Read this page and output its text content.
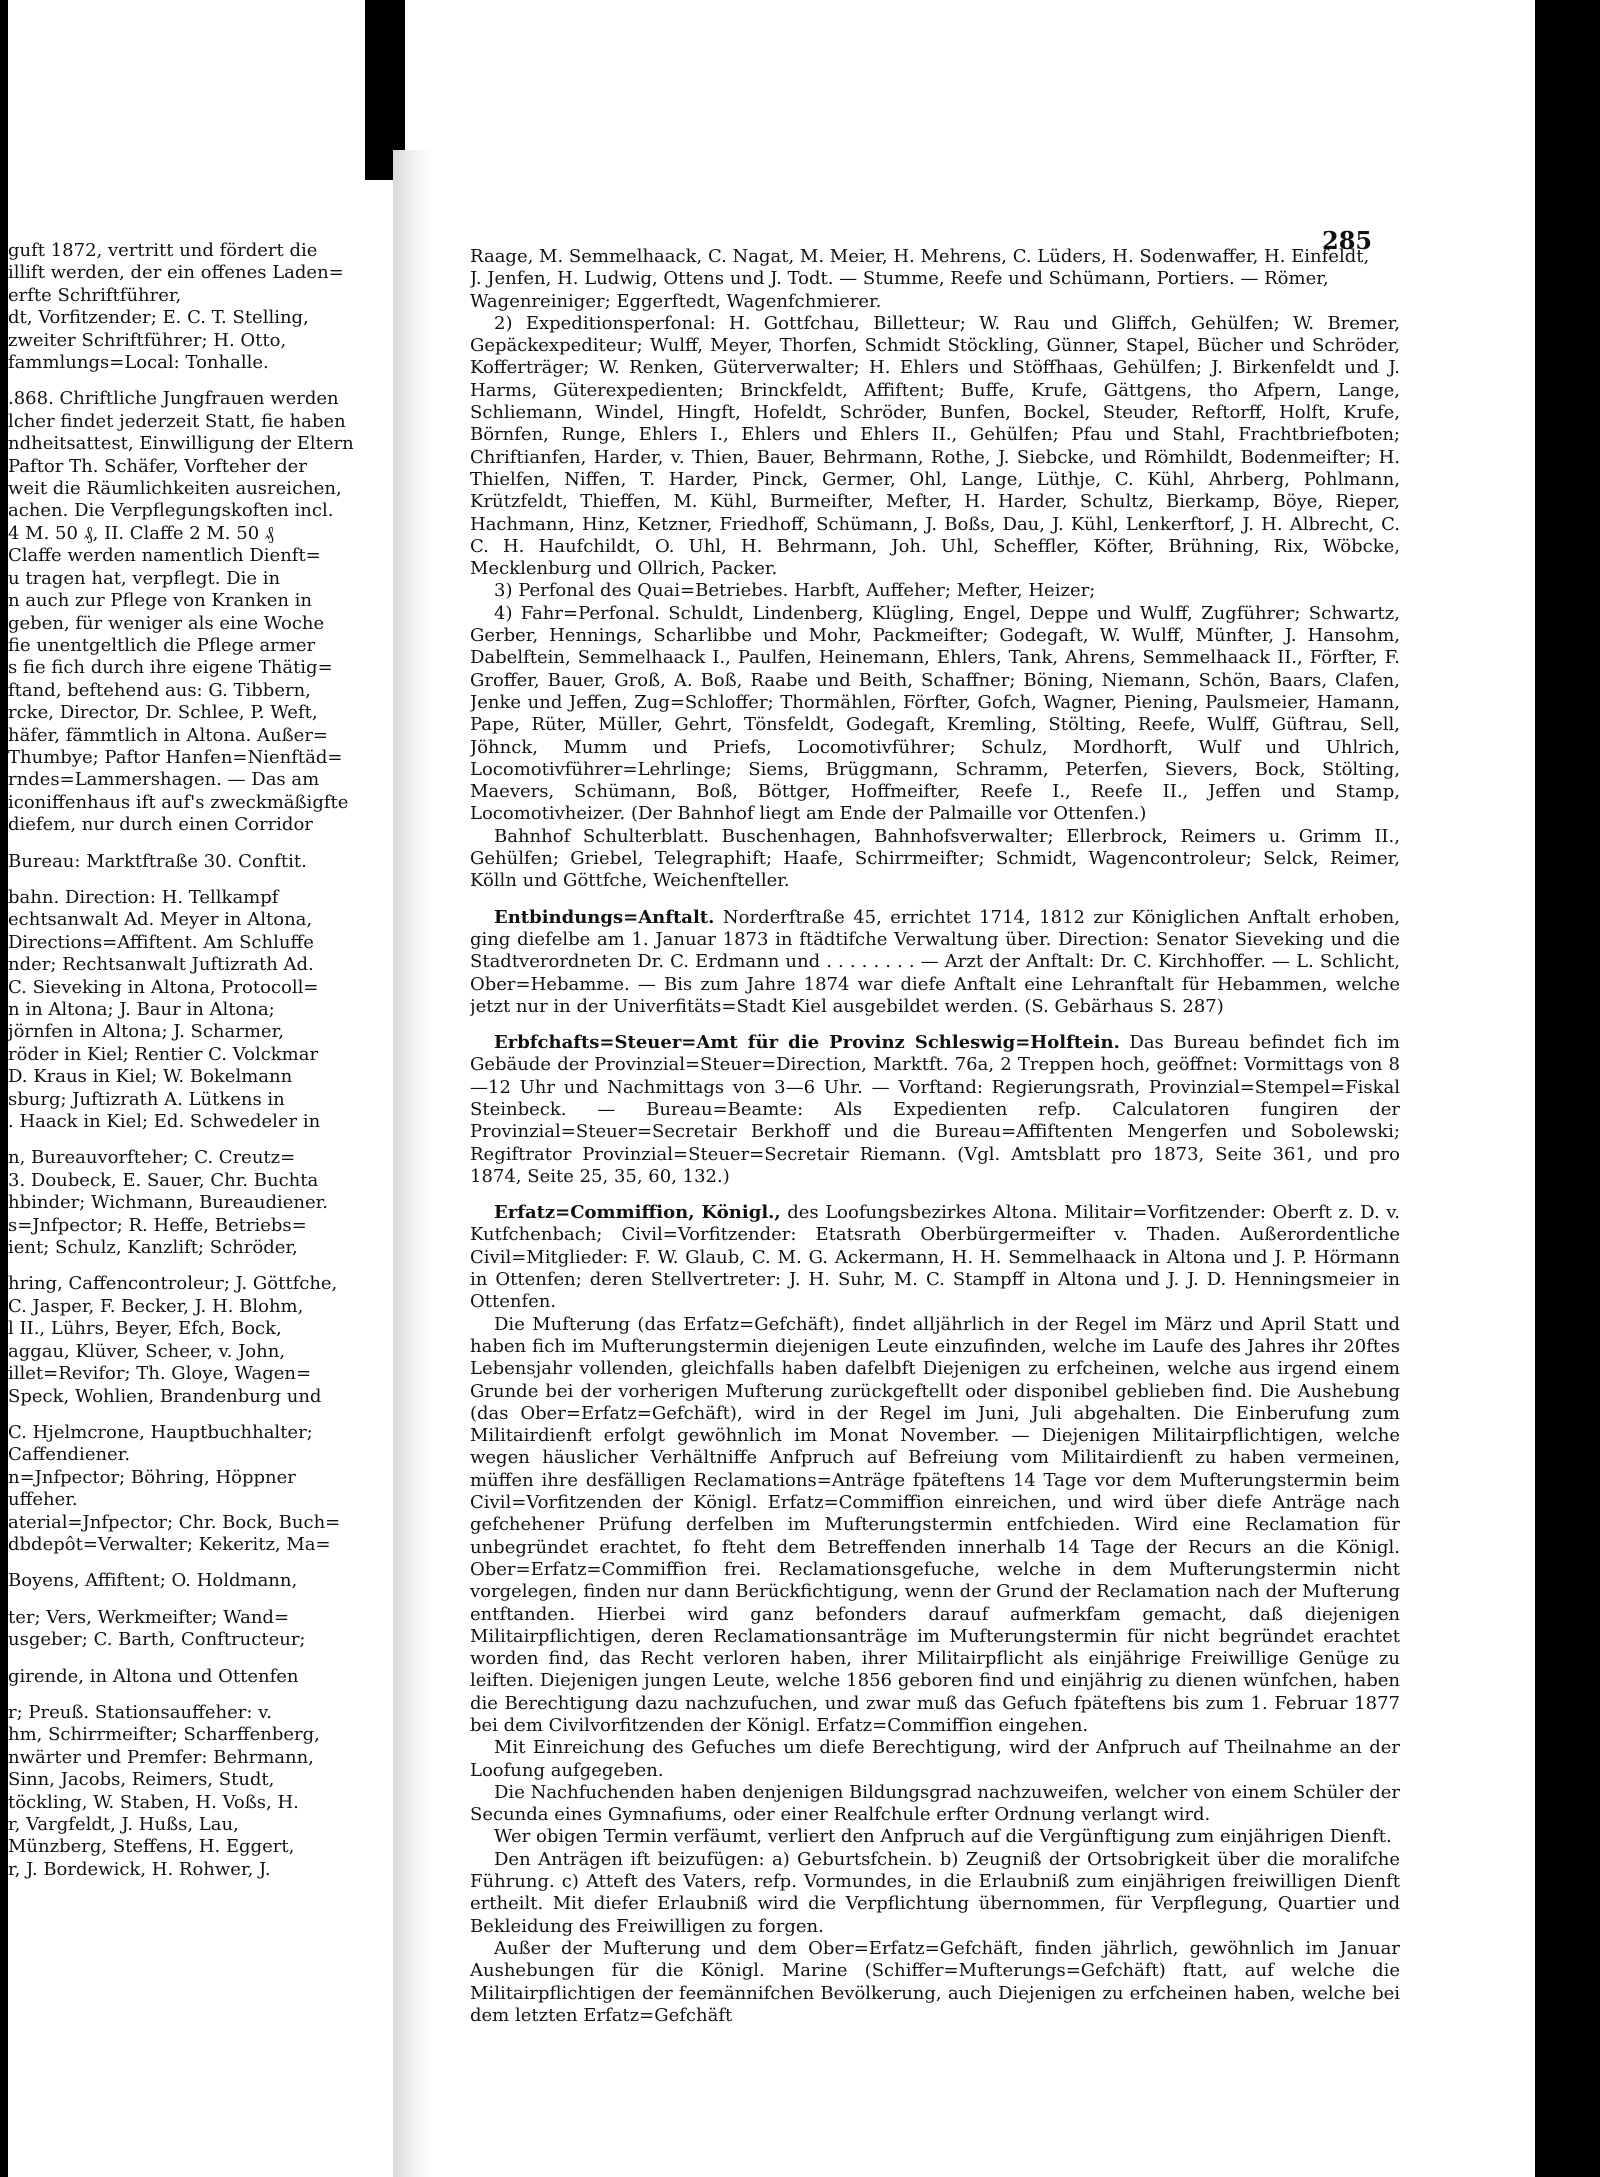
guft 1872, vertritt und fördert die

illift werden, der ein offenes Laden=

erfte Schriftführer,

dt, Vorfitzender; E. C. T. Stelling,

zweiter Schriftführer; H. Otto,

fammlungs=Local: Tonhalle.

.868. Chriftliche Jungfrauen werden

lcher findet jederzeit Statt, fie haben

ndheitsattest, Einwilligung der Eltern

Paftor Th. Schäfer, Vorfteher der

weit die Räumlichkeiten ausreichen,

achen. Die Verpflegungskoften incl.

4 M. 50 ₰, II. Claffe 2 M. 50 ₰

Claffe werden namentlich Dienft=

u tragen hat, verpflegt. Die in

n auch zur Pflege von Kranken in

geben, für weniger als eine Woche

fie unentgeltlich die Pflege armer

s fie fich durch ihre eigene Thätig=

ftand, beftehend aus: G. Tibbern,

rcke, Director, Dr. Schlee, P. Weft,

häfer, fämmtlich in Altona. Außer=

Thumbye; Paftor Hanfen=Nienftäd=

rndes=Lammershagen. — Das am

iconiffenhaus ift auf's zweckmäßigfte

diefem, nur durch einen Corridor

Bureau: Marktftraße 30. Conftit.

bahn. Direction: H. Tellkampf

echtsanwalt Ad. Meyer in Altona,

Directions=Affiftent. Am Schluffe

nder; Rechtsanwalt Juftizrath Ad.

C. Sieveking in Altona, Protocoll=

n in Altona; J. Baur in Altona;

jörnfen in Altona; J. Scharmer,

röder in Kiel; Rentier C. Volckmar

D. Kraus in Kiel; W. Bokelmann

sburg; Juftizrath A. Lütkens in

. Haack in Kiel; Ed. Schwedeler in

n, Bureauvorfteher; C. Creutz=

3. Doubeck, E. Sauer, Chr. Buchta

hbinder; Wichmann, Bureaudiener.

s=Jnfpector; R. Heffe, Betriebs=

ient; Schulz, Kanzlift; Schröder,

hring, Caffencontroleur; J. Göttfche,

C. Jasper, F. Becker, J. H. Blohm,

l II., Lührs, Beyer, Efch, Bock,

aggau, Klüver, Scheer, v. John,

illet=Revifor; Th. Gloye, Wagen=

Speck, Wohlien, Brandenburg und

C. Hjelmcrone, Hauptbuchhalter;

Caffendiener.

n=Jnfpector; Böhring, Höppner

uffeher.

aterial=Jnfpector; Chr. Bock, Buch=

dbdepôt=Verwalter; Kekeritz, Ma=

Boyens, Affiftent; O. Holdmann,

ter; Vers, Werkmeifter; Wand=

usgeber; C. Barth, Conftructeur;

girende, in Altona und Ottenfen

r; Preuß. Stationsauffeher: v.

hm, Schirrmeifter; Scharffenberg,

nwärter und Premfer: Behrmann,

Sinn, Jacobs, Reimers, Studt,

töckling, W. Staben, H. Voßs, H.

r, Vargfeldt, J. Hußs, Lau,

Münzberg, Steffens, H. Eggert,

r, J. Bordewick, H. Rohwer, J.

285

Raage, M. Semmelhaack, C. Nagat, M. Meier, H. Mehrens, C. Lüders, H. Sodenwaffer, H. Einfeldt,

J. Jenfen, H. Ludwig, Ottens und J. Todt. — Stumme, Reefe und Schümann, Portiers. — Römer,

Wagenreiniger; Eggerftedt, Wagenfchmierer.

2) Expeditionsperfonal: H. Gottfchau, Billetteur; W. Rau und Gliffch, Gehülfen; W. Bremer, Gepäckexpediteur; Wulff, Meyer, Thorfen, Schmidt Stöckling, Günner, Stapel, Bücher und Schröder, Kofferträger; W. Renken, Güterverwalter; H. Ehlers und Stöffhaas, Gehülfen; J. Birkenfeldt und J. Harms, Güterexpedienten; Brinckfeldt, Affiftent; Buffe, Krufe, Gättgens, tho Afpern, Lange, Schliemann, Windel, Hingft, Hofeldt, Schröder, Bunfen, Bockel, Steuder, Reftorff, Holft, Krufe, Börnfen, Runge, Ehlers I., Ehlers und Ehlers II., Gehülfen; Pfau und Stahl, Frachtbriefboten; Chriftianfen, Harder, v. Thien, Bauer, Behrmann, Rothe, J. Siebcke, und Römhildt, Bodenmeifter; H. Thielfen, Niffen, T. Harder, Pinck, Germer, Ohl, Lange, Lüthje, C. Kühl, Ahrberg, Pohlmann, Krützfeldt, Thieffen, M. Kühl, Burmeifter, Mefter, H. Harder, Schultz, Bierkamp, Böye, Rieper, Hachmann, Hinz, Ketzner, Friedhoff, Schümann, J. Boßs, Dau, J. Kühl, Lenkerftorf, J. H. Albrecht, C. C. H. Haufchildt, O. Uhl, H. Behrmann, Joh. Uhl, Scheffler, Köfter, Brühning, Rix, Wöbcke, Mecklenburg und Ollrich, Packer.

3) Perfonal des Quai=Betriebes. Harbft, Auffeher; Mefter, Heizer;

4) Fahr=Perfonal. Schuldt, Lindenberg, Klügling, Engel, Deppe und Wulff, Zugführer; Schwartz, Gerber, Hennings, Scharlibbe und Mohr, Packmeifter; Godegaft, W. Wulff, Münfter, J. Hansohm, Dabelftein, Semmelhaack I., Paulfen, Heinemann, Ehlers, Tank, Ahrens, Semmelhaack II., Förfter, F. Groffer, Bauer, Groß, A. Boß, Raabe und Beith, Schaffner; Böning, Niemann, Schön, Baars, Clafen, Jenke und Jeffen, Zug=Schloffer; Thormählen, Förfter, Gofch, Wagner, Piening, Paulsmeier, Hamann, Pape, Rüter, Müller, Gehrt, Tönsfeldt, Godegaft, Kremling, Stölting, Reefe, Wulff, Güftrau, Sell, Jöhnck, Mumm und Priefs, Locomotivführer; Schulz, Mordhorft, Wulf und Uhlrich, Locomotivführer=Lehrlinge; Siems, Brüggmann, Schramm, Peterfen, Sievers, Bock, Stölting, Maevers, Schümann, Boß, Böttger, Hoffmeifter, Reefe I., Reefe II., Jeffen und Stamp, Locomotivheizer. (Der Bahnhof liegt am Ende der Palmaille vor Ottenfen.)

Bahnhof Schulterblatt. Buschenhagen, Bahnhofsverwalter; Ellerbrock, Reimers u. Grimm II., Gehülfen; Griebel, Telegraphift; Haafe, Schirrmeifter; Schmidt, Wagencontroleur; Selck, Reimer, Kölln und Göttfche, Weichenfteller.

Entbindungs=Anftalt. Norderftraße 45, errichtet 1714, 1812 zur Königlichen Anftalt erhoben, ging diefelbe am 1. Januar 1873 in ftädtifche Verwaltung über. Direction: Senator Sieveking und die Stadtverordneten Dr. C. Erdmann und . . . . . . . . — Arzt der Anftalt: Dr. C. Kirchhoffer. — L. Schlicht, Ober=Hebamme. — Bis zum Jahre 1874 war diefe Anftalt eine Lehranftalt für Hebammen, welche jetzt nur in der Univerfitäts=Stadt Kiel ausgebildet werden. (S. Gebärhaus S. 287)

Erbfchafts=Steuer=Amt für die Provinz Schleswig=Holftein. Das Bureau befindet fich im Gebäude der Provinzial=Steuer=Direction, Marktft. 76a, 2 Treppen hoch, geöffnet: Vormittags von 8—12 Uhr und Nachmittags von 3—6 Uhr. — Vorftand: Regierungsrath, Provinzial=Stempel=Fiskal Steinbeck. — Bureau=Beamte: Als Expedienten refp. Calculatoren fungiren der Provinzial=Steuer=Secretair Berkhoff und die Bureau=Affiftenten Mengerfen und Sobolewski; Regiftrator Provinzial=Steuer=Secretair Riemann. (Vgl. Amtsblatt pro 1873, Seite 361, und pro 1874, Seite 25, 35, 60, 132.)

Erfatz=Commiffion, Königl., des Loofungsbezirkes Altona. Militair=Vorfitzender: Oberft z. D. v. Kutfchenbach; Civil=Vorfitzender: Etatsrath Oberbürgermeifter v. Thaden. Außerordentliche Civil=Mitglieder: F. W. Glaub, C. M. G. Ackermann, H. H. Semmelhaack in Altona und J. P. Hörmann in Ottenfen; deren Stellvertreter: J. H. Suhr, M. C. Stampff in Altona und J. J. D. Henningsmeier in Ottenfen.

Die Mufterung (das Erfatz=Gefchäft), findet alljährlich in der Regel im März und April Statt und haben fich im Mufterungstermin diejenigen Leute einzufinden, welche im Laufe des Jahres ihr 20ftes Lebensjahr vollenden, gleichfalls haben dafelbft Diejenigen zu erfcheinen, welche aus irgend einem Grunde bei der vorherigen Mufterung zurückgeftellt oder disponibel geblieben find. Die Aushebung (das Ober=Erfatz=Gefchäft), wird in der Regel im Juni, Juli abgehalten. Die Einberufung zum Militairdienft erfolgt gewöhnlich im Monat November. — Diejenigen Militairpflichtigen, welche wegen häuslicher Verhältniffe Anfpruch auf Befreiung vom Militairdienft zu haben vermeinen, müffen ihre desfälligen Reclamations=Anträge fpäteftens 14 Tage vor dem Mufterungstermin beim Civil=Vorfitzenden der Königl. Erfatz=Commiffion einreichen, und wird über diefe Anträge nach gefchehener Prüfung derfelben im Mufterungstermin entfchieden. Wird eine Reclamation für unbegründet erachtet, fo fteht dem Betreffenden innerhalb 14 Tage der Recurs an die Königl. Ober=Erfatz=Commiffion frei. Reclamationsgefuche, welche in dem Mufterungstermin nicht vorgelegen, finden nur dann Berückfichtigung, wenn der Grund der Reclamation nach der Mufterung entftanden. Hierbei wird ganz befonders darauf aufmerkfam gemacht, daß diejenigen Militairpflichtigen, deren Reclamationsanträge im Mufterungstermin für nicht begründet erachtet worden find, das Recht verloren haben, ihrer Militairpflicht als einjährige Freiwillige Genüge zu leiften. Diejenigen jungen Leute, welche 1856 geboren find und einjährig zu dienen wünfchen, haben die Berechtigung dazu nachzufuchen, und zwar muß das Gefuch fpäteftens bis zum 1. Februar 1877 bei dem Civilvorfitzenden der Königl. Erfatz=Commiffion eingehen.

Mit Einreichung des Gefuches um diefe Berechtigung, wird der Anfpruch auf Theilnahme an der Loofung aufgegeben.

Die Nachfuchenden haben denjenigen Bildungsgrad nachzuweifen, welcher von einem Schüler der Secunda eines Gymnafiums, oder einer Realfchule erfter Ordnung verlangt wird.

Wer obigen Termin verfäumt, verliert den Anfpruch auf die Vergünftigung zum einjährigen Dienft.

Den Anträgen ift beizufügen: a) Geburtsfchein. b) Zeugniß der Ortsobrigkeit über die moralifche Führung. c) Atteft des Vaters, refp. Vormundes, in die Erlaubniß zum einjährigen freiwilligen Dienft ertheilt. Mit diefer Erlaubniß wird die Verpflichtung übernommen, für Verpflegung, Quartier und Bekleidung des Freiwilligen zu forgen.

Außer der Mufterung und dem Ober=Erfatz=Gefchäft, finden jährlich, gewöhnlich im Januar Aushebungen für die Königl. Marine (Schiffer=Mufterungs=Gefchäft) ftatt, auf welche die Militairpflichtigen der feemännifchen Bevölkerung, auch Diejenigen zu erfcheinen haben, welche bei dem letzten Erfatz=Gefchäft
